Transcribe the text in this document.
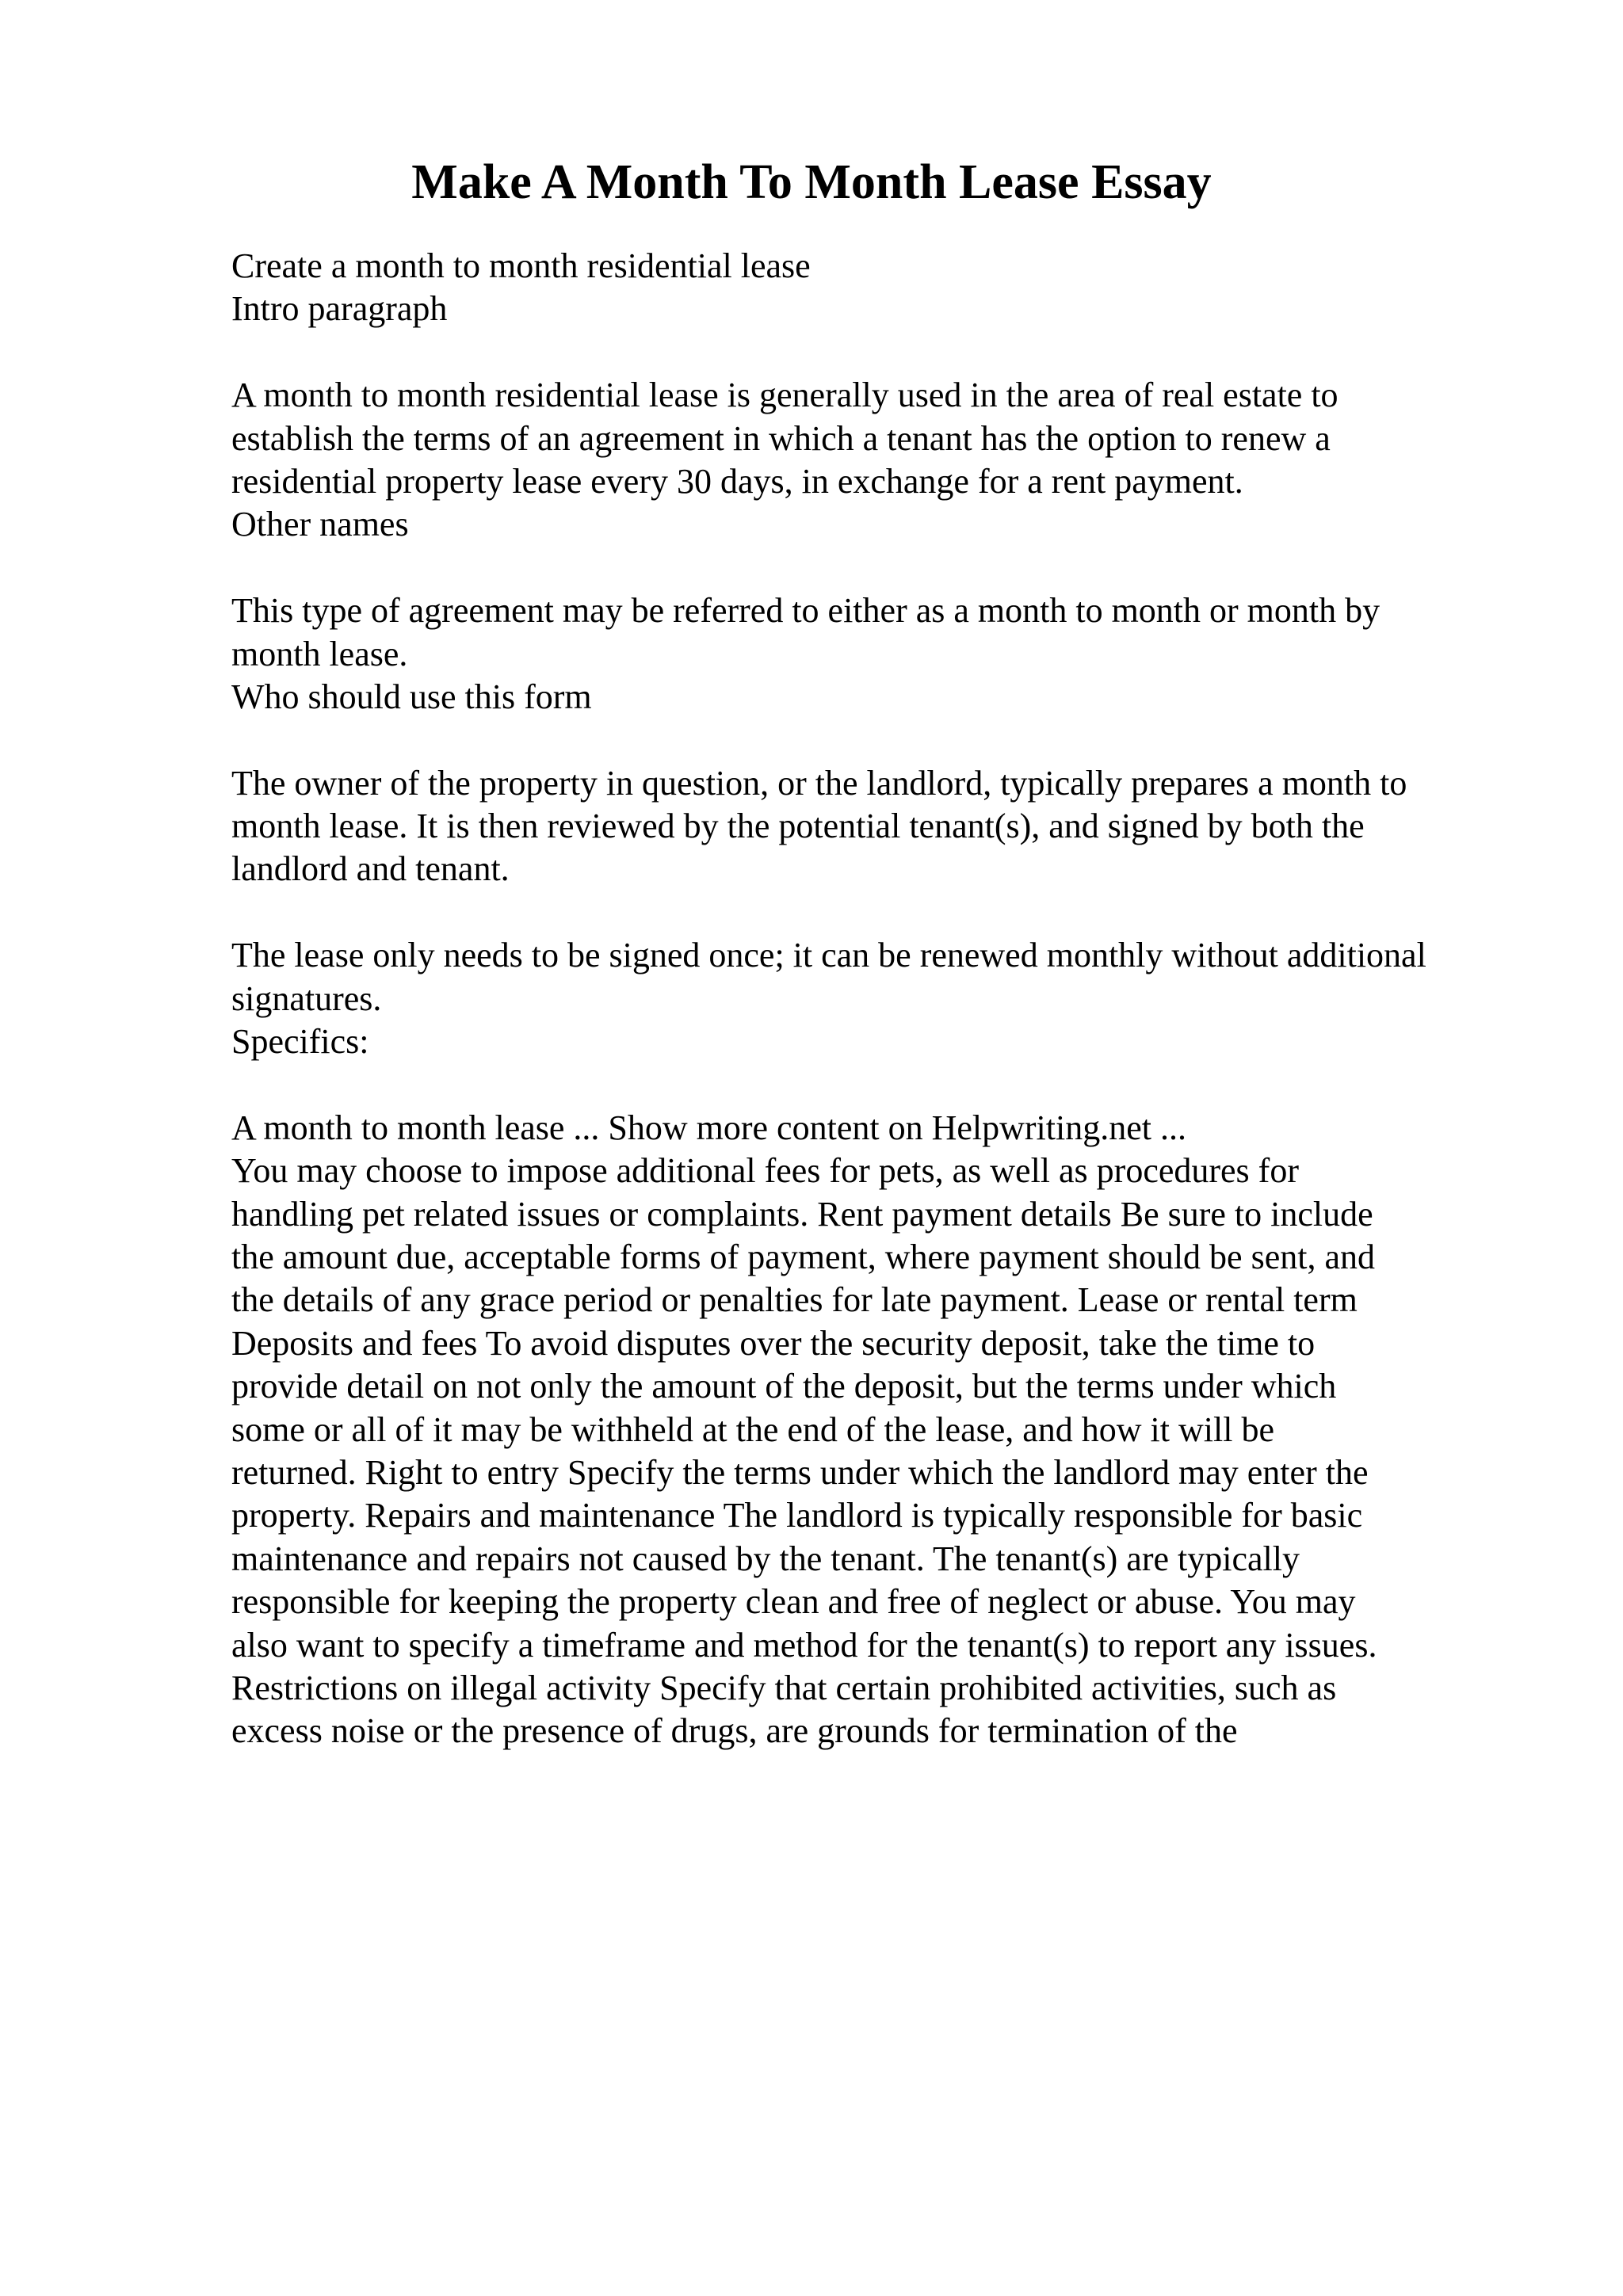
Make A Month To Month Lease Essay
Create a month to month residential lease
Intro paragraph
A month to month residential lease is generally used in the area of real estate to
establish the terms of an agreement in which a tenant has the option to renew a
residential property lease every 30 days, in exchange for a rent payment.
Other names
This type of agreement may be referred to either as a month to month or month by
month lease.
Who should use this form
The owner of the property in question, or the landlord, typically prepares a month to
month lease. It is then reviewed by the potential tenant(s), and signed by both the
landlord and tenant.
The lease only needs to be signed once; it can be renewed monthly without additional
signatures.
Specifics:
A month to month lease ... Show more content on Helpwriting.net ...
You may choose to impose additional fees for pets, as well as procedures for
handling pet related issues or complaints. Rent payment details Be sure to include
the amount due, acceptable forms of payment, where payment should be sent, and
the details of any grace period or penalties for late payment. Lease or rental term
Deposits and fees To avoid disputes over the security deposit, take the time to
provide detail on not only the amount of the deposit, but the terms under which
some or all of it may be withheld at the end of the lease, and how it will be
returned. Right to entry Specify the terms under which the landlord may enter the
property. Repairs and maintenance The landlord is typically responsible for basic
maintenance and repairs not caused by the tenant. The tenant(s) are typically
responsible for keeping the property clean and free of neglect or abuse. You may
also want to specify a timeframe and method for the tenant(s) to report any issues.
Restrictions on illegal activity Specify that certain prohibited activities, such as
excess noise or the presence of drugs, are grounds for termination of the
